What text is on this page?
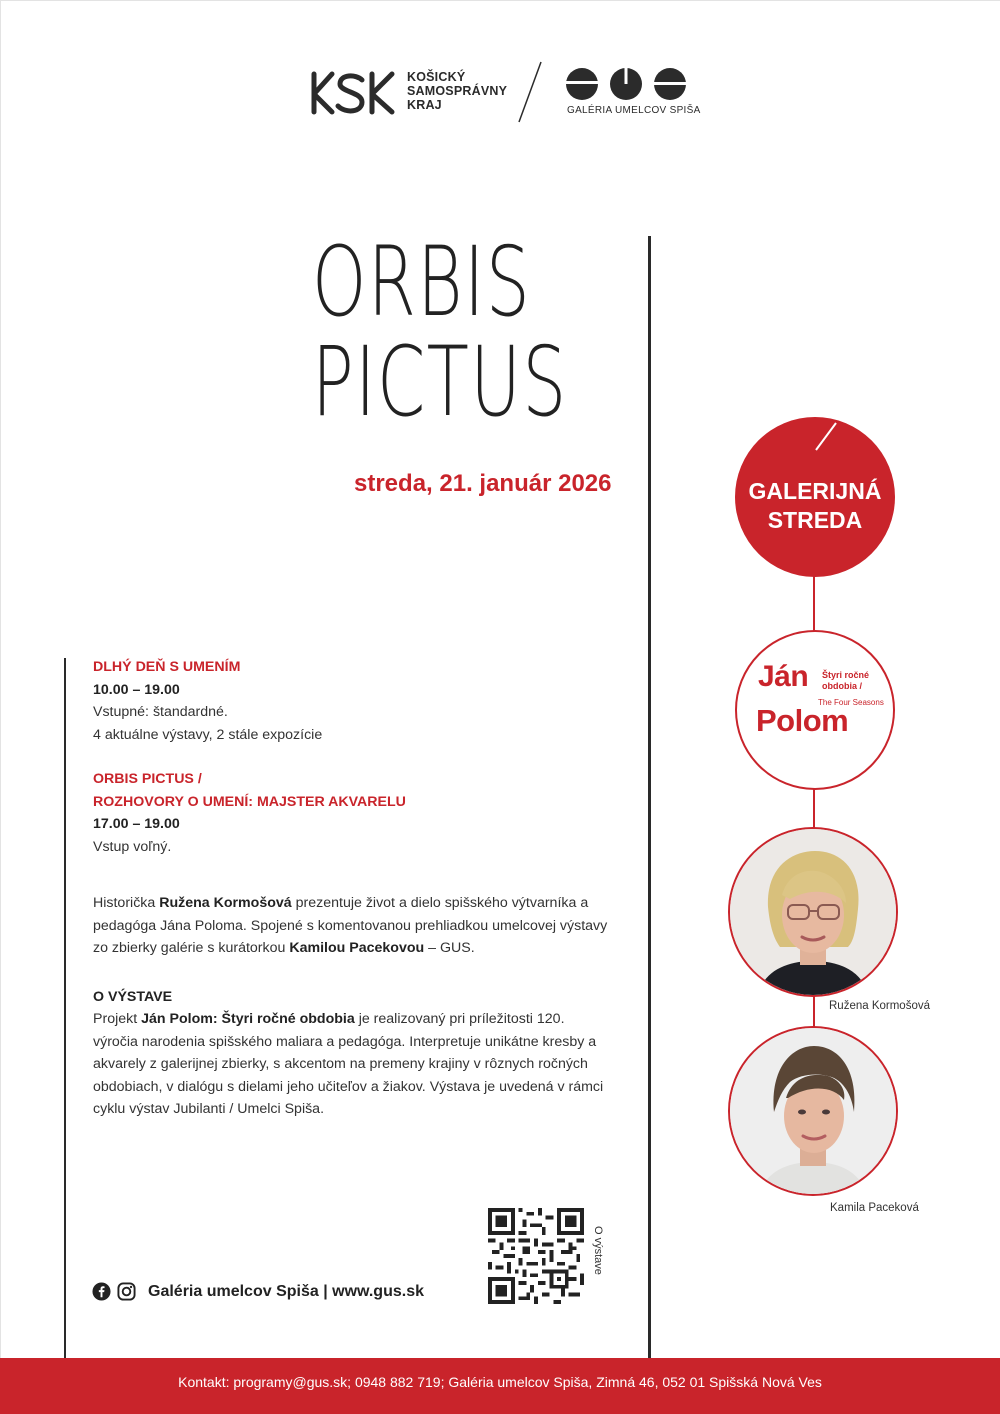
KOŠICKÝ
SAMOSPRÁVNY
KRAJ	GALÉRIA UMELCOV SPIŠA
ORBIS
PICTUS
streda, 21. január 2026

DLHÝ DEŇ S UMENÍM

10.00 – 19.00

Vstupné: štandardné.

4 aktuálne výstavy, 2 stále expozície

ORBIS PICTUS /

ROZHOVORY O UMENÍ: MAJSTER AKVARELU

17.00 – 19.00

Vstup voľný.

Historička Ružena Kormošová prezentuje život a dielo spišského výtvarníka a pedagóga Jána Poloma. Spojené s komentovanou prehliadkou umelcovej výstavy zo zbierky galérie s kurátorkou Kamilou Pacekovou – GUS.

O VÝSTAVE

Projekt Ján Polom: Štyri ročné obdobia je realizovaný pri príležitosti 120. výročia narodenia spišského maliara a pedagóga. Interpretuje unikátne kresby a akvarely z galerijnej zbierky, s akcentom na premeny krajiny v rôznych ročných obdobiach, v dialógu s dielami jeho učiteľov a žiakov. Výstava je uvedená v rámci cyklu výstav Jubilanti / Umelci Spiša.

O výstave
Galéria umelcov Spiša | www.gus.sk
GALERIJNÁ
STREDA
Ján
Polom
Štyri ročné
obdobia /
The Four Seasons
Ružena Kormošová
Kamila Paceková
Kontakt: programy@gus.sk; 0948 882 719; Galéria umelcov Spiša, Zimná 46, 052 01 Spišská Nová Ves
